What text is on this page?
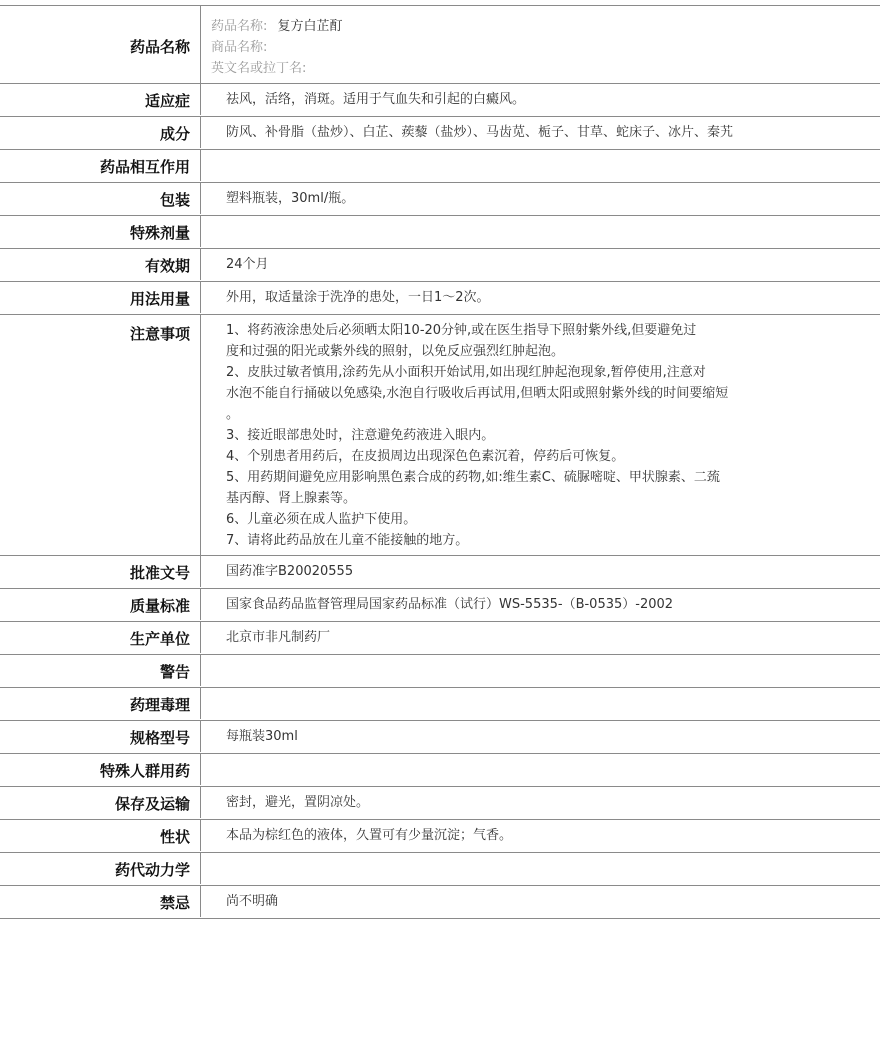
药品名称
药品名称: 复方白芷酊
商品名称:
英文名或拉丁名:
适应症	祛风，活络，消斑。适用于气血失和引起的白癜风。
成分	防风、补骨脂（盐炒）、白芷、蒺藜（盐炒）、马齿苋、栀子、甘草、蛇床子、冰片、秦艽
药品相互作用
包装	塑料瓶装，30ml/瓶。
特殊剂量
有效期	24个月
用法用量	外用，取适量涂于洗净的患处，一日1～2次。
注意事项	1、将药液涂患处后必须晒太阳10-20分钟,或在医生指导下照射紫外线,但要避免过
度和过强的阳光或紫外线的照射，以免反应强烈红肿起泡。
2、皮肤过敏者慎用,涂药先从小面积开始试用,如出现红肿起泡现象,暂停使用,注意对
水泡不能自行捅破以免感染,水泡自行吸收后再试用,但晒太阳或照射紫外线的时间要缩短
。
3、接近眼部患处时，注意避免药液进入眼内。
4、个别患者用药后，在皮损周边出现深色色素沉着，停药后可恢复。
5、用药期间避免应用影响黑色素合成的药物,如:维生素C、硫脲嘧啶、甲状腺素、二巯
基丙醇、肾上腺素等。
6、儿童必须在成人监护下使用。
7、请将此药品放在儿童不能接触的地方。
批准文号	国药准字B20020555
质量标准	国家食品药品监督管理局国家药品标准（试行）WS-5535-（B-0535）-2002
生产单位	北京市非凡制药厂
警告
药理毒理
规格型号	每瓶装30ml
特殊人群用药
保存及运输	密封，避光，置阴凉处。
性状	本品为棕红色的液体，久置可有少量沉淀；气香。
药代动力学
禁忌	尚不明确
